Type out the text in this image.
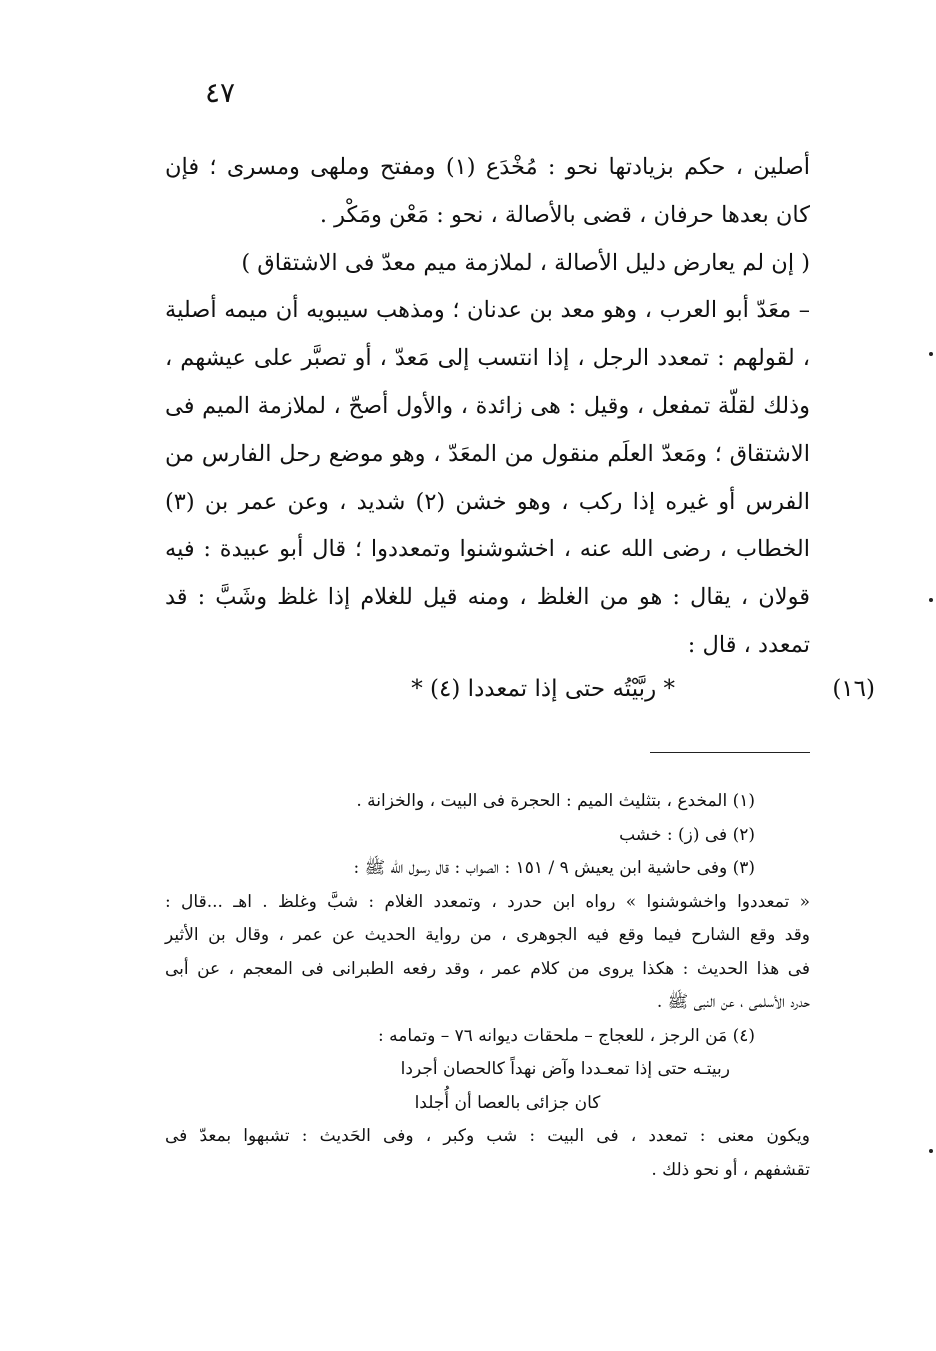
٤٧

أصلين ، حكم بزيادتها نحو : مُخْدَع (١) ومفتح وملهى ومسرى ؛ فإن كان بعدها حرفان ، قضى بالأصالة ، نحو : مَعْن ومَكْر .

( إن لم يعارض دليل الأصالة ، لملازمة ميم معدّ فى الاشتقاق )

– معَدّ أبو العرب ، وهو معد بن عدنان ؛ ومذهب سيبويه أن ميمه أصلية ، لقولهم : تمعدد الرجل ، إذا انتسب إلى مَعدّ ، أو تصبَّر على عيشهم ، وذلك لقلّة تمفعل ، وقيل : هى زائدة ، والأول أصحّ ، لملازمة الميم فى الاشتقاق ؛ ومَعدّ العلَم منقول من المعَدّ ، وهو موضع رحل الفارس من الفرس أو غيره إذا ركب ، وهو خشن (٢) شديد ، وعن عمر بن (٣) الخطاب ، رضى الله عنه ، اخشوشنوا وتمعددوا ؛ قال أبو عبيدة : فيه قولان ، يقال : هو من الغلظ ، ومنه قيل للغلام إذا غلظ وشَبَّ : قد تمعدد ، قال :

(١٦)
* ربَّيْتُه حتى إذا تمعددا (٤) *
(١) المخدع ، بتثليث الميم : الحجرة فى البيت ، والخزانة .
(٢) فى (ز) : خشب
(٣) وفى حاشية ابن يعيش ٩ / ١٥١ : الصواب : قال رسول الله ﷺ :
« تمعددوا واخشوشنوا » رواه ابن حدرد ، وتمعدد الغلام : شبَّ وغلظ . اهـ ...قال :
وقد وقع الشارح فيما وقع فيه الجوهرى ، من رواية الحديث عن عمر ، وقال بن الأثير
فى هذا الحديث : هكذا يروى من كلام عمر ، وقد رفعه الطبرانى فى المعجم ، عن أبى
حدرد الأسلمى ، عن النبى ﷺ .
(٤) مَن الرجز ، للعجاج – ملحقات ديوانه ٧٦ – وتمامه :
ربيتـه حتى إذا تمعـددا وآض نهداً كالحصان أجردا
كان جزائى بالعصا أن أُجلدا
ويكون معنى : تمعدد ، فى البيت : شب وكبر ، وفى الحَديث : تشبهوا بمعدّ فى
تقشفهم ، أو نحو ذلك .
